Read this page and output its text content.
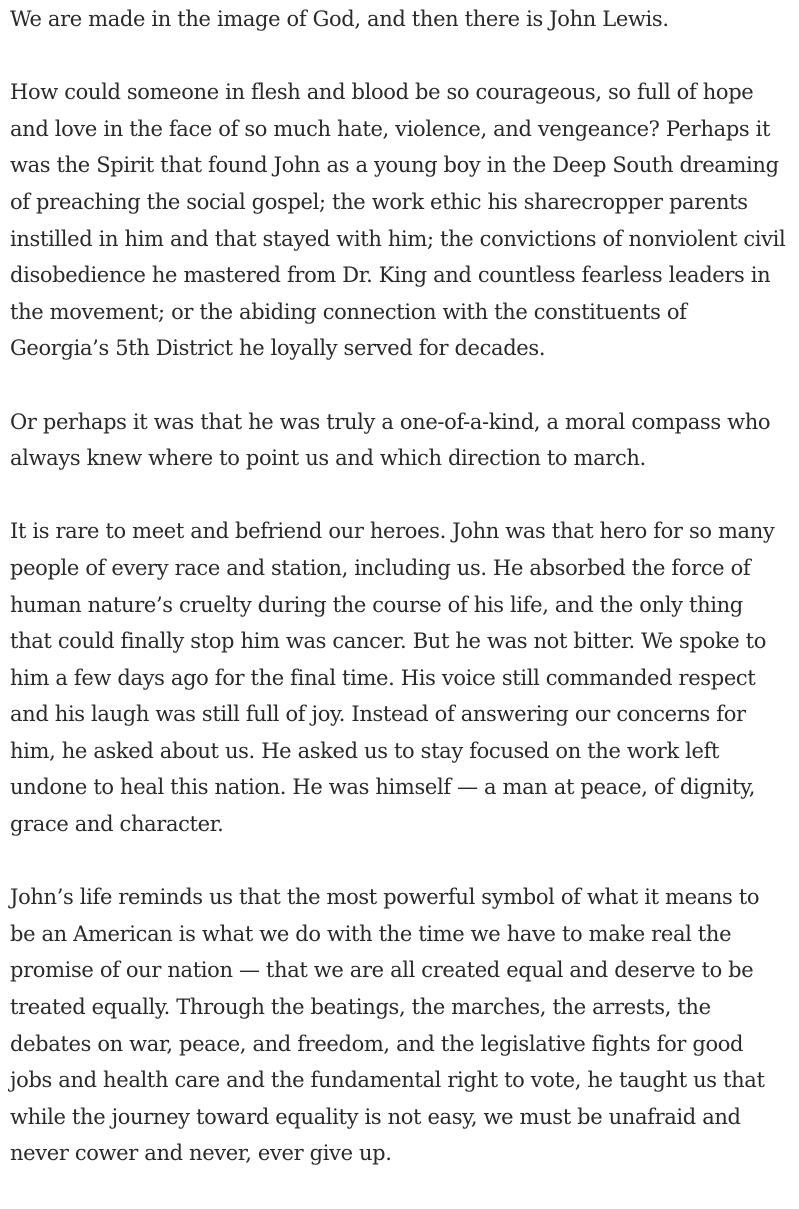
We are made in the image of God, and then there is John Lewis.

How could someone in flesh and blood be so courageous, so full of hope and love in the face of so much hate, violence, and vengeance? Perhaps it was the Spirit that found John as a young boy in the Deep South dreaming of preaching the social gospel; the work ethic his sharecropper parents instilled in him and that stayed with him; the convictions of nonviolent civil disobedience he mastered from Dr. King and countless fearless leaders in the movement; or the abiding connection with the constituents of Georgia’s 5th District he loyally served for decades.

Or perhaps it was that he was truly a one-of-a-kind, a moral compass who always knew where to point us and which direction to march.

It is rare to meet and befriend our heroes. John was that hero for so many people of every race and station, including us. He absorbed the force of human nature’s cruelty during the course of his life, and the only thing that could finally stop him was cancer. But he was not bitter. We spoke to him a few days ago for the final time. His voice still commanded respect and his laugh was still full of joy. Instead of answering our concerns for him, he asked about us. He asked us to stay focused on the work left undone to heal this nation. He was himself — a man at peace, of dignity, grace and character.

John’s life reminds us that the most powerful symbol of what it means to be an American is what we do with the time we have to make real the promise of our nation — that we are all created equal and deserve to be treated equally. Through the beatings, the marches, the arrests, the debates on war, peace, and freedom, and the legislative fights for good jobs and health care and the fundamental right to vote, he taught us that while the journey toward equality is not easy, we must be unafraid and never cower and never, ever give up.
